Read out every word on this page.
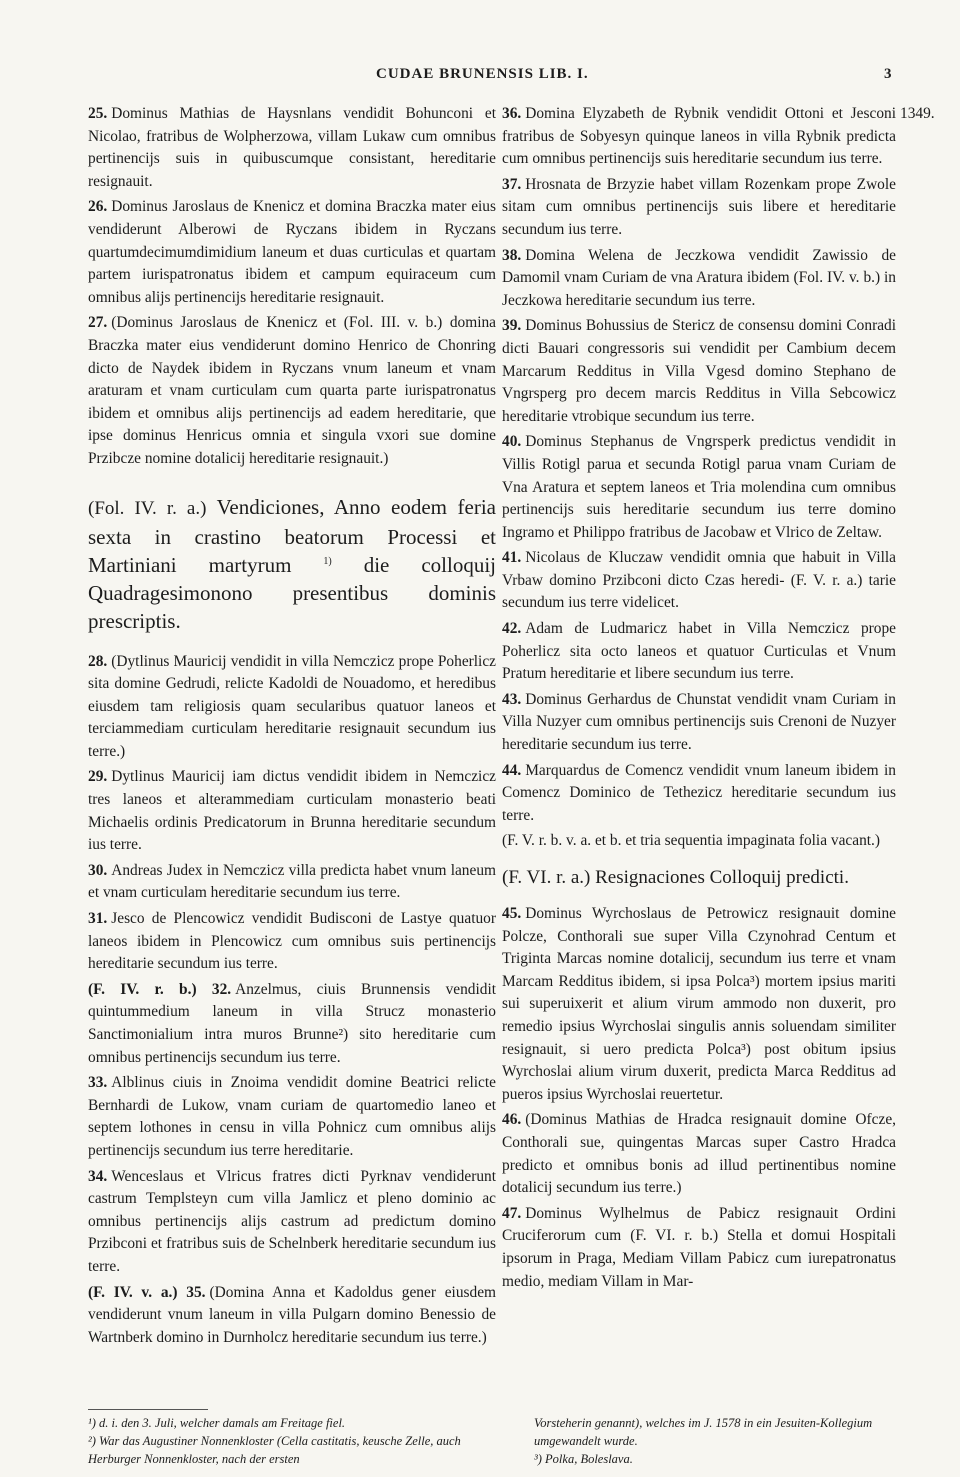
CUDAE BRUNENSIS LIB. I.	3
25. Dominus Mathias de Haysnlans vendidit Bohunconi et Nicolao, fratribus de Wolpherzowa, villam Lukaw cum omnibus pertinencijs suis in quibuscumque consistant, hereditarie resignauit.
26. Dominus Jaroslaus de Knenicz et domina Braczka mater eius vendiderunt Alberowi de Ryczans ibidem in Ryczans quartumdecimumdimidium laneum et duas curticulas et quartam partem iurispatronatus ibidem et campum equiraceum cum omnibus alijs pertinencijs hereditarie resignauit.
27. (Dominus Jaroslaus de Knenicz et (Fol. III. v. b.) domina Braczka mater eius vendiderunt domino Henrico de Chonring dicto de Naydek ibidem in Ryczans vnum laneum et vnam araturam et vnam curticulam cum quarta parte iurispatronatus ibidem et omnibus alijs pertinencijs ad eadem hereditarie, que ipse dominus Henricus omnia et singula vxori sue domine Przibcze nomine dotalicij hereditarie resignauit.)
(Fol. IV. r. a.) Vendiciones, Anno eodem feria sexta in crastino beatorum Processi et Martiniani martyrum	$^{1)}$ die colloquij Quadragesimonono presentibus dominis prescriptis.
28. (Dytlinus Mauricij vendidit in villa Nemczicz prope Poherlicz sita domine Gedrudi, relicte Kadoldi de Nouadomo, et heredibus eiusdem tam religiosis quam secularibus quatuor laneos et terciammediam curticulam hereditarie resignauit secundum ius terre.)
29. Dytlinus Mauricij iam dictus vendidit ibidem in Nemczicz tres laneos et alterammediam curticulam monasterio beati Michaelis ordinis Predicatorum in Brunna hereditarie secundum ius terre.
30. Andreas Judex in Nemczicz villa predicta habet vnum laneum et vnam curticulam hereditarie secundum ius terre.
31. Jesco de Plencowicz vendidit Budisconi de Lastye quatuor laneos ibidem in Plencowicz cum omnibus suis pertinencijs hereditarie secundum ius terre.
(F. IV. r. b.) 32. Anzelmus, ciuis Brunnensis vendidit quintummedium laneum in villa Strucz monasterio Sanctimonialium intra muros Brunne²) sito hereditarie cum omnibus pertinencijs secundum ius terre.
33. Alblinus ciuis in Znoima vendidit domine Beatrici relicte Bernhardi de Lukow, vnam curiam de quartomedio laneo et septem lothones in censu in villa Pohnicz cum omnibus alijs pertinencijs secundum ius terre hereditarie.
34. Wenceslaus et Vlricus fratres dicti Pyrknav vendiderunt castrum Templsteyn cum villa Jamlicz et pleno dominio ac omnibus pertinencijs alijs castrum ad predictum domino Przibconi et fratribus suis de Schelnberk hereditarie secundum ius terre.
(F. IV. v. a.) 35. (Domina Anna et Kadoldus gener eiusdem vendiderunt vnum laneum in villa Pulgarn domino Benessio de Wartnberk domino in Durnholcz hereditarie secundum ius terre.)
36. Domina Elyzabeth de Rybnik vendidit Ottoni et Jesconi fratribus de Sobyesyn quinque laneos in villa Rybnik predicta cum omnibus pertinencijs suis hereditarie secundum ius terre.
37. Hrosnata de Brzyzie habet villam Rozenkam prope Zwole sitam cum omnibus pertinencijs suis libere et hereditarie secundum ius terre.
38. Domina Welena de Jeczkowa vendidit Zawissio de Damomil vnam Curiam de vna Aratura ibidem (Fol. IV. v. b.) in Jeczkowa hereditarie secundum ius terre.
39. Dominus Bohussius de Stericz de consensu domini Conradi dicti Bauari congressoris sui vendidit per Cambium decem Marcarum Redditus in Villa Vgesd domino Stephano de Vngrsperg pro decem marcis Redditus in Villa Sebcowicz hereditarie vtrobique secundum ius terre.
40. Dominus Stephanus de Vngrsperk predictus vendidit in Villis Rotigl parua et secunda Rotigl parua vnam Curiam de Vna Aratura et septem laneos et Tria molendina cum omnibus pertinencijs suis hereditarie secundum ius terre domino Ingramo et Philippo fratribus de Jacobaw et Vlrico de Zeltaw.
41. Nicolaus de Kluczaw vendidit omnia que habuit in Villa Vrbaw domino Przibconi dicto Czas heredi- (F. V. r. a.) tarie secundum ius terre videlicet.
42. Adam de Ludmaricz habet in Villa Nemczicz prope Poherlicz sita octo laneos et quatuor Curticulas et Vnum Pratum hereditarie et libere secundum ius terre.
43. Dominus Gerhardus de Chunstat vendidit vnam Curiam in Villa Nuzyer cum omnibus pertinencijs suis Crenoni de Nuzyer hereditarie secundum ius terre.
44. Marquardus de Comencz vendidit vnum laneum ibidem in Comencz Dominico de Tethezicz hereditarie secundum ius terre.
(F. V. r. b. v. a. et b. et tria sequentia impaginata folia vacant.)
(F. VI. r. a.) Resignaciones Colloquij predicti.
45. Dominus Wyrchoslaus de Petrowicz resignauit domine Polcze, Conthorali sue super Villa Czynohrad Centum et Triginta Marcas nomine dotalicij, secundum ius terre et vnam Marcam Redditus ibidem, si ipsa Polca³) mortem ipsius mariti sui superuixerit et alium virum ammodo non duxerit, pro remedio ipsius Wyrchoslai singulis annis soluendam similiter resignauit, si uero predicta Polca³) post obitum ipsius Wyrchoslai alium virum duxerit, predicta Marca Redditus ad pueros ipsius Wyrchoslai reuertetur.
46. (Dominus Mathias de Hradca resignauit domine Ofcze, Conthorali sue, quingentas Marcas super Castro Hradca predicto et omnibus bonis ad illud pertinentibus nomine dotalicij secundum ius terre.)
47. Dominus Wylhelmus de Pabicz resignauit Ordini Cruciferorum cum (F. VI. r. b.) Stella et domui Hospitali ipsorum in Praga, Mediam Villam Pabicz cum iurepatronatus medio, mediam Villam in Mar-
1349.
¹) d. i. den 3. Juli, welcher damals am Freitage fiel.
²) War das Augustiner Nonnenkloster (Cella castitatis, keusche Zelle, auch Herburger Nonnenkloster, nach der ersten
Vorsteherin genannt), welches im J. 1578 in ein Jesuiten-Kollegium umgewandelt wurde.
³) Polka, Boleslava.
